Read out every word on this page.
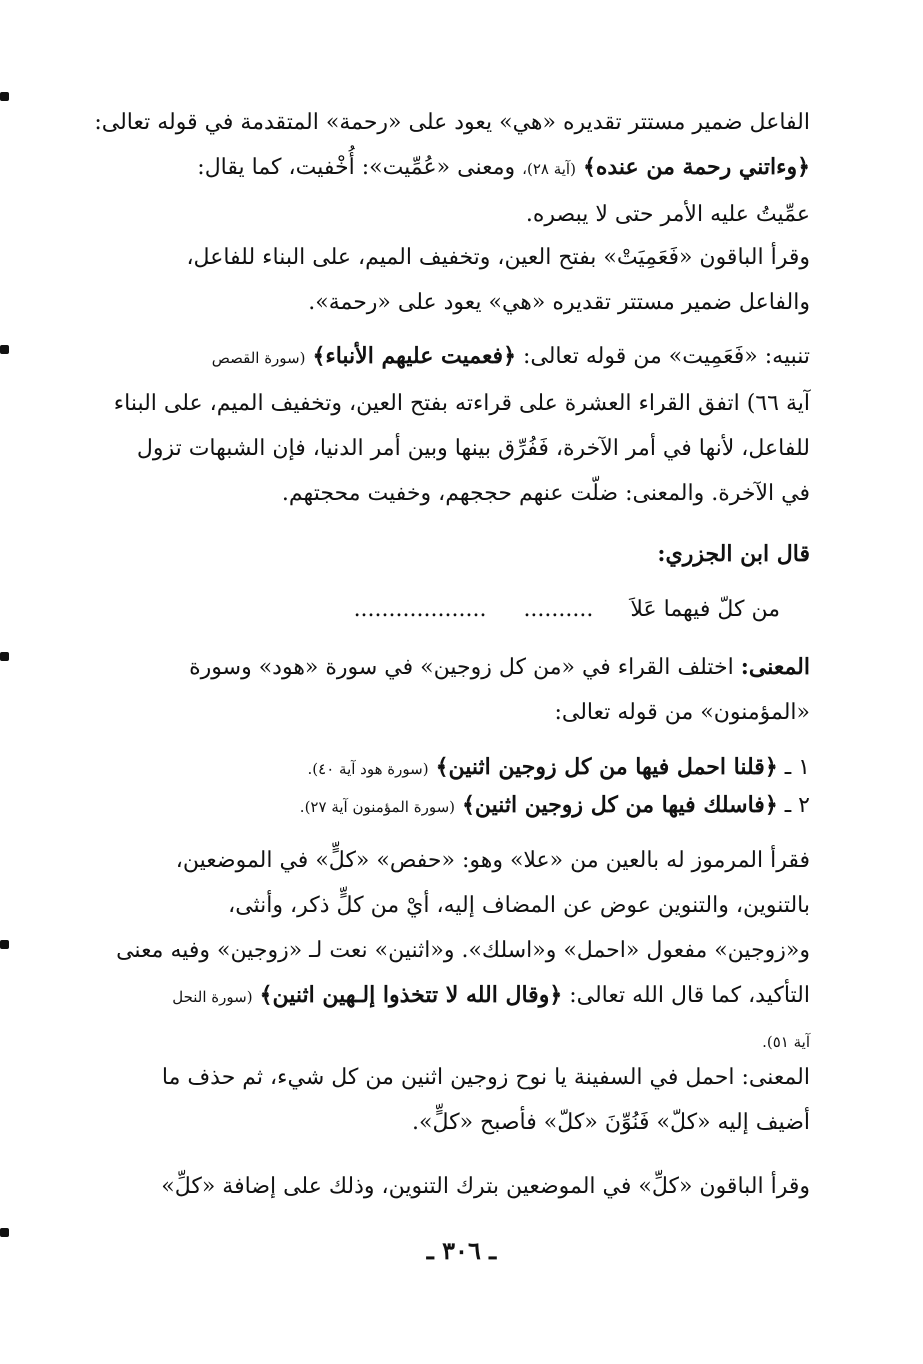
الفاعل ضمير مستتر تقديره «هي» يعود على «رحمة» المتقدمة في قوله تعالى:
﴿وءاتني رحمة من عنده﴾ (آية ٢٨)، ومعنى «عُمِّيت»: أُخْفيت، كما يقال:
عمِّيتُ عليه الأمر حتى لا يبصره.
وقرأ الباقون «فَعَمِيَتْ» بفتح العين، وتخفيف الميم، على البناء للفاعل،
والفاعل ضمير مستتر تقديره «هي» يعود على «رحمة».
تنبيه: «فَعَمِيت» من قوله تعالى: ﴿فعميت عليهم الأنباء﴾ (سورة القصص
آية ٦٦) اتفق القراء العشرة على قراءته بفتح العين، وتخفيف الميم، على البناء
للفاعل، لأنها في أمر الآخرة، فَفُرِّق بينها وبين أمر الدنيا، فإن الشبهات تزول
في الآخرة. والمعنى: ضلّت عنهم حججهم، وخفيت محجتهم.
قال ابن الجزري:
من كلّ فيهما عَلاَ .......... ...................
المعنى: اختلف القراء في «من كل زوجين» في سورة «هود» وسورة
«المؤمنون» من قوله تعالى:
١ ـ ﴿قلنا احمل فيها من كل زوجين اثنين﴾ (سورة هود آية ٤٠).
٢ ـ ﴿فاسلك فيها من كل زوجين اثنين﴾ (سورة المؤمنون آية ٢٧).
فقرأ المرموز له بالعين من «علا» وهو: «حفص» «كلٍّ» في الموضعين،
بالتنوين، والتنوين عوض عن المضاف إليه، أيْ من كلٍّ ذكر، وأنثى،
و«زوجين» مفعول «احمل» و«اسلك». و«اثنين» نعت لـ «زوجين» وفيه معنى
التأكيد، كما قال الله تعالى: ﴿وقال الله لا تتخذوا إلـهين اثنين﴾ (سورة النحل
آية ٥١).
المعنى: احمل في السفينة يا نوح زوجين اثنين من كل شيء، ثم حذف ما
أضيف إليه «كلّ» فَنُوِّنَ «كلّ» فأصبح «كلٍّ».
وقرأ الباقون «كلِّ» في الموضعين بترك التنوين، وذلك على إضافة «كلِّ»
ـ ٣٠٦ ـ
